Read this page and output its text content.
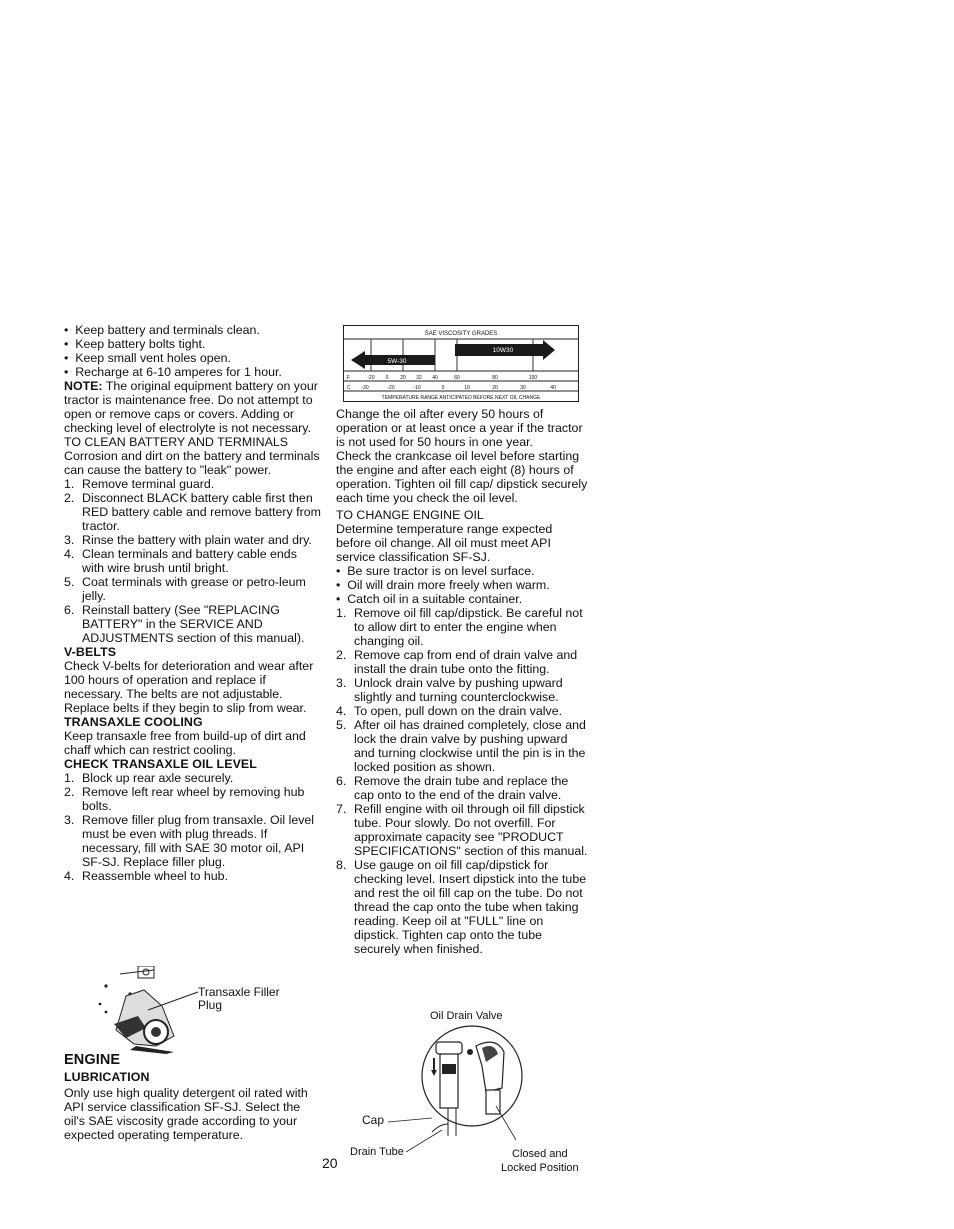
•  Keep battery and terminals clean.

•  Keep battery bolts tight.

•  Keep small vent holes open.

•  Recharge at 6-10 amperes for 1 hour.

NOTE: The original equipment battery on your tractor is maintenance free. Do not attempt to open or remove caps or covers. Adding or checking level of electrolyte is not necessary.

TO CLEAN BATTERY AND TERMINALS

Corrosion and dirt on the battery and terminals can cause the battery to "leak" power.

1. Remove terminal guard.

2. Disconnect BLACK battery cable first then RED battery cable and remove battery from tractor.

3. Rinse the battery with plain water and dry.

4. Clean terminals and battery cable ends with wire brush until bright.

5. Coat terminals with grease or petro-leum jelly.

6. Reinstall battery (See "REPLACING BATTERY" in the SERVICE AND ADJUSTMENTS section of this manual).

V-BELTS

Check V-belts for deterioration and wear after 100 hours of operation and replace if necessary. The belts are not adjustable. Replace belts if they begin to slip from wear.

TRANSAXLE COOLING

Keep transaxle free from build-up of dirt and chaff which can restrict cooling.

CHECK TRANSAXLE OIL LEVEL

1. Block up rear axle securely.

2. Remove left rear wheel by removing hub bolts.

3. Remove filler plug from transaxle. Oil level must be even with plug threads. If necessary, fill with SAE 30 motor oil, API SF-SJ. Replace filler plug.

4. Reassemble wheel to hub.

Transaxle Filler Plug

ENGINE

LUBRICATION

Only use high quality detergent oil rated with API service classification SF-SJ. Select the oil's SAE viscosity grade according to your expected operating temperature.

SAE VISCOSITY GRADES
5W-30
10W30
F	-20 0 20 32 40	60	80	100
C -30	-20	-10	0	10	20	30	40
TEMPERATURE RANGE ANTICIPATED BEFORE NEXT OIL CHANGE

Change the oil after every 50 hours of operation or at least once a year if the tractor is not used for 50 hours in one year.

Check the crankcase oil level before starting the engine and after each eight (8) hours of operation. Tighten oil fill cap/ dipstick securely each time you check the oil level.

TO CHANGE ENGINE OIL

Determine temperature range expected before oil change. All oil must meet API service classification SF-SJ.

•  Be sure tractor is on level surface.

•  Oil will drain more freely when warm.

•  Catch oil in a suitable container.

1. Remove oil fill cap/dipstick. Be careful not to allow dirt to enter the engine when changing oil.

2. Remove cap from end of drain valve and install the drain tube onto the fitting.

3. Unlock drain valve by pushing upward slightly and turning counterclockwise.

4. To open, pull down on the drain valve.

5. After oil has drained completely, close and lock the drain valve by pushing upward and turning clockwise until the pin is in the locked position as shown.

6. Remove the drain tube and replace the cap onto to the end of the drain valve.

7. Refill engine with oil through oil fill dipstick tube. Pour slowly. Do not overfill. For approximate capacity see "PRODUCT SPECIFICATIONS" section of this manual.

8. Use gauge on oil fill cap/dipstick for checking level. Insert dipstick into the tube and rest the oil fill cap on the tube. Do not thread the cap onto the tube when taking reading. Keep oil at "FULL" line on dipstick. Tighten cap onto the tube securely when finished.

Oil Drain Valve
Cap
Drain Tube	Closed and
Locked Position
20
